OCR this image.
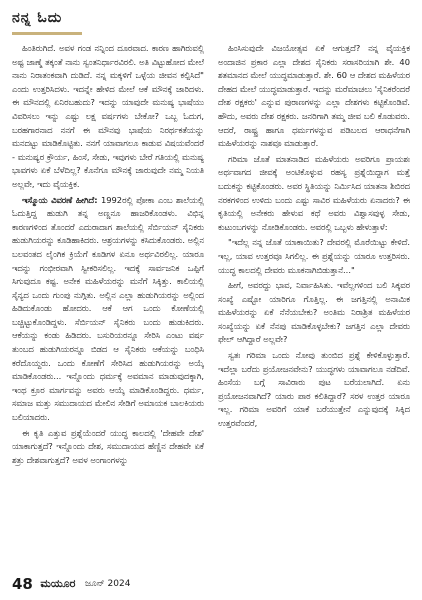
ನನ್ನ ಓದು

ಹಿಂತಿರುಗಿದೆ. ಅವಳ ಗಂಡ ನನ್ನಿಂದ ದೂರವಾದ. ಕಾರಣ ಹಾಗಿರುವಲ್ಲಿ ಅಷ್ಟ ಜಾಣ್ಮೆ ತಕ್ಕಂತೆ ನಾನು ಸ್ವಂತನಿರ್ಧಾರವಿರಲಿ. ಅತಿ ವಿಟ್ಟುಹೋದ ಮೇಲೆ ನಾನು ನಿರಾತಂಕವಾಗಿ ದುಡಿದೆ. ನನ್ನ ಮಕ್ಕಳಿಗೆ ಒಳ್ಳೆಯ ಜೀವನ ಕಲ್ಪಿಸಿದೆ" ಎಂದು ಉತ್ತರಿಸಿದಳು. ಇದನ್ನೇ ಹೇಳಿದ ಮೇಲೆ ಆಕೆ ಮೌನಕ್ಕೆ ಜಾರಿದಳು. ಈ ಮೌನದಲ್ಲಿ ಏನಿರಬಹುದು? ಇದನ್ನು ಯಾವುದೇ ಮನುಷ್ಯ ಭಾಷೆಯು ವಿವರಿಸಲು ಇನ್ನು ಎಷ್ಟು ಲಕ್ಷ ವರ್ಷಗಳು ಬೇಕೋ? ಒಬ್ಬ ಓದುಗ, ಬರಹಗಾರನಾದ ನನಗೆ ಈ ಮೌನವು ಭಾಷೆಯ ನಿರರ್ಥಕತೆಯನ್ನು ಮನದಟ್ಟು ಮಾಡಿಕೊಟ್ಟಿತು. ನನಗೆ ಯಾವಾಗಲೂ ಕಾಡುವ ವಿಷಯವೆಂದರೆ - ಮನುಷ್ಯರ ಕ್ರೌರ್ಯ, ಹಿಂಸೆ, ಸೇಡು, ಇವುಗಳು ಬೇರೆ ಗತಿಯಲ್ಲಿ ಮನುಷ್ಯ ಭಾವಗಳು ಏಕೆ ಬೆಳೆದಿಲ್ಲ? ಕೊನೆಗೂ ಮೌನಕ್ಕೆ ಜಾರುವುದೇ ನಮ್ಮ ನಿಯತಿ ಅಲ್ಲವೇ, ಇದು ವೈಯಕ್ತಿಕ.

ಇಸ್ಮೊಯ ವಿವರಣೆ ಹೀಗಿದೆ: 1992ರಲ್ಲಿ ಪೋಕಾ ಎಂಬ ಶಾಲೆಯಲ್ಲಿ ಓದುತ್ತಿದ್ದ ಹುಡುಗಿ ತನ್ನ ಅಣ್ಣನೂ ಹಾಜರಿಕೊಂಡಳು. ವಿಭಿನ್ನ ಕಾರಣಗಳಿಂದ ತೊಂದರೆ ಎದುರಾದಾಗ ಶಾಲೆಯಲ್ಲಿ ಸೆರ್ಬಿಯನ್ ಸೈನಿಕರು ಹುಡುಗಿಯರನ್ನು ಕೂಡಿಹಾಕಿದರು. ಆಶ್ರಯಗಳನ್ನು ಕಸಿದುಕೊಂಡರು. ಅಲ್ಲಿನ ಬಲವಂತದ ಲೈಂಗಿಕ ಕ್ರಿಯೆಗೆ ಕೂಡಿಗಳ ಏನೂ ಅರ್ಥವಿರಲಿಲ್ಲ. ಯಾರೂ ಇದನ್ನು ಗಂಭೀರವಾಗಿ ಸ್ವೀಕರಿಸಲಿಲ್ಲ. ಇದಕ್ಕೆ ಸಾರ್ವಜನಿಕ ಒಪ್ಪಿಗೆ ಸಿಗುವುದೂ ಕಷ್ಟ. ಅನೇಕ ಮಹಿಳೆಯರನ್ನು ಮನೆಗೆ ಸಿಕ್ಕಿತ್ತು. ಕಾಲಿಯಲ್ಲಿ ಸೈನ್ಯದ ಒಂದು ಗುಂಪು ನುಗ್ಗಿತು. ಅಲ್ಲಿನ ಎಲ್ಲಾ ಹುಡುಗಿಯರನ್ನು ಅಲ್ಲಿಂದ ಹಿಡಿದುಕೊಂಡು ಹೋದರು. ಆಕೆ ಆಗ ಒಂದು ಕೋಣೆಯಲ್ಲಿ ಬಚ್ಚಿಟ್ಟುಕೊಂಡಿದ್ದಳು. ಸೆರ್ಬಿಯನ್ ಸೈನಿಕರು ಬಂದು ಹುಡುಕಿದರು. ಆಕೆಯನ್ನು ಕಂಡು ಹಿಡಿದರು. ಬಸುರಿಯರನ್ನೂ ಸೇರಿಸಿ ಎಂಟು ವರ್ಷ ತುಂಬದ ಹುಡುಗಿಯರನ್ನೂ ಬಿಡದ ಆ ಸೈನಿಕರು ಆಕೆಯನ್ನು ಬಂಧಿಸಿ ಕರೆದೊಯ್ದರು. ಒಂದು ಕೋಣೆಗೆ ಸೇರಿಸಿದ ಹುಡುಗಿಯರನ್ನು ಅಯ್ಕೆ ಮಾಡಿಕೊಂಡರು... ಇನ್ನೊಂದು ಧರ್ಮಕ್ಕೆ ಅವಮಾನ ಮಾಡುವುದಕ್ಕಾಗಿ, ಇಂಥ ಕ್ರೂರ ಮಾರ್ಗವನ್ನು ಅವರು ಆಯ್ಕೆ ಮಾಡಿಕೊಂಡಿದ್ದರು. ಧರ್ಮ, ಸಮಾಜ ಮತ್ತು ಸಮುದಾಯದ ಮೇಲಿನ ಸೇಡಿಗೆ ಅಮಾಯಕ ಬಾಲಕಿಯರು ಬಲಿಯಾದರು.

ಈ ಕೃತಿ ಎತ್ತುವ ಪ್ರಶ್ನೆಯೆಂದರೆ ಯುದ್ಧ ಕಾಲದಲ್ಲಿ 'ದೇಹವೇ ದೇಶ' ಯಾಕಾಗುತ್ತದೆ? ಇನ್ನೊಂದು ದೇಶ, ಸಮುದಾಯದ ಹೆಣ್ಣಿನ ದೇಹವೇ ಏಕೆ ಶತ್ರು ದೇಶವಾಗುತ್ತದೆ? ಅವಳ ಅಂಗಾಂಗಳನ್ನು

ಹಿಂಸಿಸುವುದೇ ವಿಜಯೋತ್ಸವ ಏಕೆ ಆಗುತ್ತದೆ? ನನ್ನ ವೈಯಕ್ತಿಕ ಅಂದಾಜಿನ ಪ್ರಕಾರ ಎಲ್ಲಾ ದೇಶದ ಸೈನಿಕರು ಸರಾಸರಿಯಾಗಿ ಶೇ. 40 ಶತಮಾನದ ಮೇಲೆ ಯುದ್ಧಮಾಡುತ್ತಾರೆ. ಶೇ. 60 ಆ ದೇಶದ ಮಹಿಳೆಯರ ದೇಹದ ಮೇಲೆ ಯುದ್ಧಮಾಡುತ್ತಾರೆ. ಇದನ್ನು ಮರೆಮಾಚಲು 'ಸೈನಿಕರೆಂದರೆ ದೇಶ ರಕ್ಷಕರು' ಎನ್ನುವ ಪುರಾಣಗಳನ್ನು ಎಲ್ಲಾ ದೇಶಗಳು ಕಟ್ಟಿಕೊಂಡಿವೆ. ಹೌದು, ಅವರು ದೇಶ ರಕ್ಷಕರು. ಜನರಿಗಾಗಿ ತಮ್ಮ ಜೀವ ಬಲಿ ಕೊಡುವರು. ಆದರೆ, ರಾಷ್ಟ್ರ ಹಾಗೂ ಧರ್ಮಗಳನ್ನುವ ಪಡಿಬಲದ ಆರಾಧನೆಗಾಗಿ ಮಹಿಳೆಯರನ್ನು ನಾಶವೂ ಮಾಡುತ್ತಾರೆ.

ಗರಿಮಾ ಜೊತೆ ಮಾತನಾಡಿದ ಮಹಿಳೆಯರು ಅವರಿಗೂ ಪ್ರಾಯಶಃ ಅರ್ಥವಾಗದ ಜೀವಕ್ಕೆ ಅಂಟಿಕೊಳ್ಳುವ ರಹಸ್ಯ ಪ್ರಶ್ನೆಯಿದ್ದಾಗ ಮತ್ತೆ ಬದುಕನ್ನು ಕಟ್ಟಿಕೊಂಡರು. ಅವರ ಸ್ಥಿತಿಯನ್ನು ನಿರ್ಮಿಸಿದ ಯಾತನಾ ಶಿಬಿರದ ನರಕಗಳಿಂದ ಉಳಿದು ಬಂದು ಎಷ್ಟು ಸಾವಿರ ಮಹಿಳೆಯರು ಏನಾದರು? ಈ ಕೃತಿಯಲ್ಲಿ ಅನೇಕರು ಹೇಳುವ ಕಥೆ ಅವರು ವಿಶ್ವಾಸವುಳ್ಳ ಸೇಡು, ಕುಟುಂಬಗಳನ್ನು ನೋಡಿಕೊಂಡರು. ಅವರಲ್ಲಿ ಒಬ್ಬಳು ಹೇಳುತ್ತಾಳೆ:

"ಇದೆಲ್ಲ ನನ್ನ ಜೊತೆ ಯಾಕಾಯಿತು? ದೇವರಲ್ಲಿ ಮೊರೆಯಿಟ್ಟು ಕೇಳಿದೆ. ಇಲ್ಲ, ಯಾವ ಉತ್ತರವೂ ಸಿಗಲಿಲ್ಲ. ಈ ಪ್ರಶ್ನೆಯನ್ನು ಯಾರೂ ಉತ್ತರಿಸರು. ಯುದ್ಧ ಕಾಲದಲ್ಲಿ ದೇವರು ಮೂಕನಾಗಿಬಿಡುತ್ತಾನೆ..."

ಹೀಗೆ, ಅವರದ್ದು ಭಾವ, ನಿರ್ವಾಹಿಸಿತು. ಇವೆಲ್ಲಗಳಿಂದ ಬಲಿ ಸಿಕ್ಕವರ ಸಂಖ್ಯೆ ಎಷ್ಟೋ ಯಾರಿಗೂ ಗೊತ್ತಿಲ್ಲ. ಈ ಜಗತ್ತಿನಲ್ಲಿ ಅನಾಮಿಕ ಮಹಿಳೆಯರನ್ನು ಏಕೆ ನೆನೆಯಬೇಕು? ಅಂತಿಮ ನಿರಾಶ್ರಿತ ಮಹಿಳೆಯರ ಸಂಖ್ಯೆಯನ್ನು ಏಕೆ ನೆನಪು ಮಾಡಿಕೊಳ್ಳಬೇಕು? ಜಗತ್ತಿನ ಎಲ್ಲಾ ದೇವರು ಫೇಲ್ ಆಗಿದ್ದಾರೆ ಅಲ್ಲವೇ?

ಸ್ವತಃ ಗರಿಮಾ ಒಂದು ನೋವು ತುಂಬಿದ ಪ್ರಶ್ನೆ ಕೇಳಿಕೊಳ್ಳುತ್ತಾರೆ. ಇದೆಲ್ಲಾ ಬರೆದು ಪ್ರಯೋಜನವೇನು? ಯುದ್ಧಗಳು ಯಾವಾಗಲೂ ನಡೆದಿವೆ. ಹಿಂಸೆಯ ಬಗ್ಗೆ ಸಾವಿರಾರು ಪುಟ ಬರೆಯಲಾಗಿದೆ. ಏನು ಪ್ರಯೋಜನವಾಗಿದೆ? ಯಾರು ಪಾಠ ಕಲಿತಿದ್ದಾರೆ? ಸರಳ ಉತ್ತರ ಯಾರೂ ಇಲ್ಲ. ಗರಿಮಾ ಅವರಿಗೆ ಯಾಕೆ ಬರೆಯುತ್ತೇನೆ ಎನ್ನುವುದಕ್ಕೆ ಸಿಕ್ಕಿದ ಉತ್ತರವೆಂದರೆ,

48 ಮಯೂರ ಜೂನ್ 2024
